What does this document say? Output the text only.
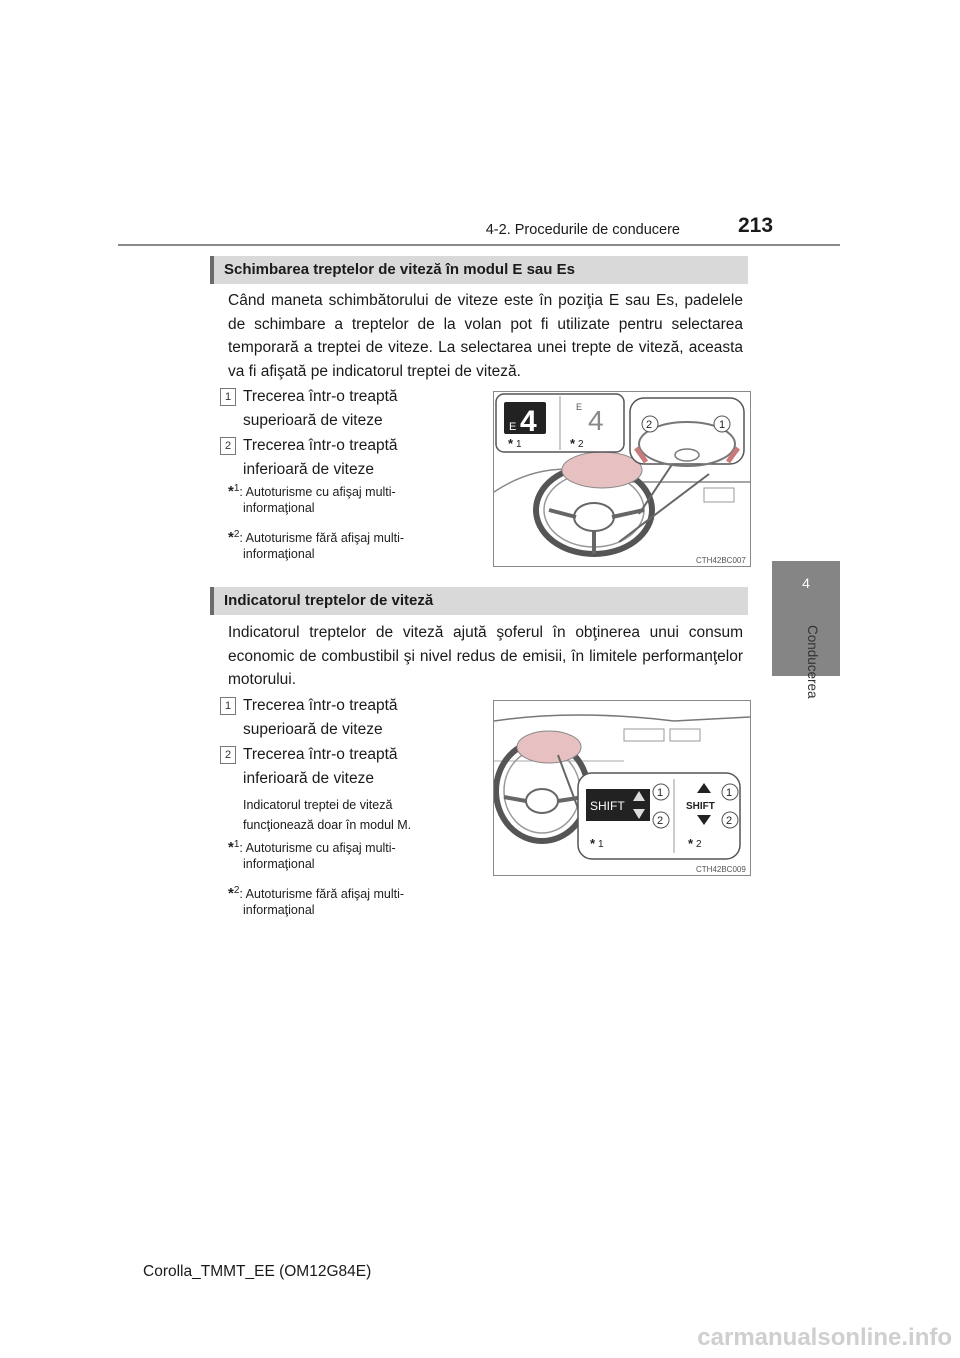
4-2. Procedurile de conducere	213
4
Conducerea
Schimbarea treptelor de viteză în modul E sau Es
Când maneta schimbătorului de viteze este în poziţia E sau Es, padelele de schimbare a treptelor de la volan pot fi utilizate pentru selectarea temporară a treptei de viteze. La selectarea unei trepte de viteză, aceasta va fi afişată pe indicatorul treptei de viteză.
1 Trecerea într-o treaptă
superioară de viteze
2 Trecerea într-o treaptă
inferioară de viteze
*$^1$: Autoturisme cu afişaj multi-
informaţional
*$^2$: Autoturisme fără afişaj multi-
informaţional
E 4	E 4
* 1	* 2
2	1
CTH42BC007
Indicatorul treptelor de viteză
Indicatorul treptelor de viteză ajută şoferul în obţinerea unui consum economic de combustibil şi nivel redus de emisii, în limitele performanţelor motorului.
1 Trecerea într-o treaptă
superioară de viteze
2 Trecerea într-o treaptă
inferioară de viteze
Indicatorul treptei de viteză
funcţionează doar în modul M.
*$^1$: Autoturisme cu afişaj multi-
informaţional
*$^2$: Autoturisme fără afişaj multi-
informaţional
SHIFT
1
2
SHIFT
1
2
* 1	* 2
CTH42BC009
Corolla_TMMT_EE (OM12G84E)
carmanualsonline.info
